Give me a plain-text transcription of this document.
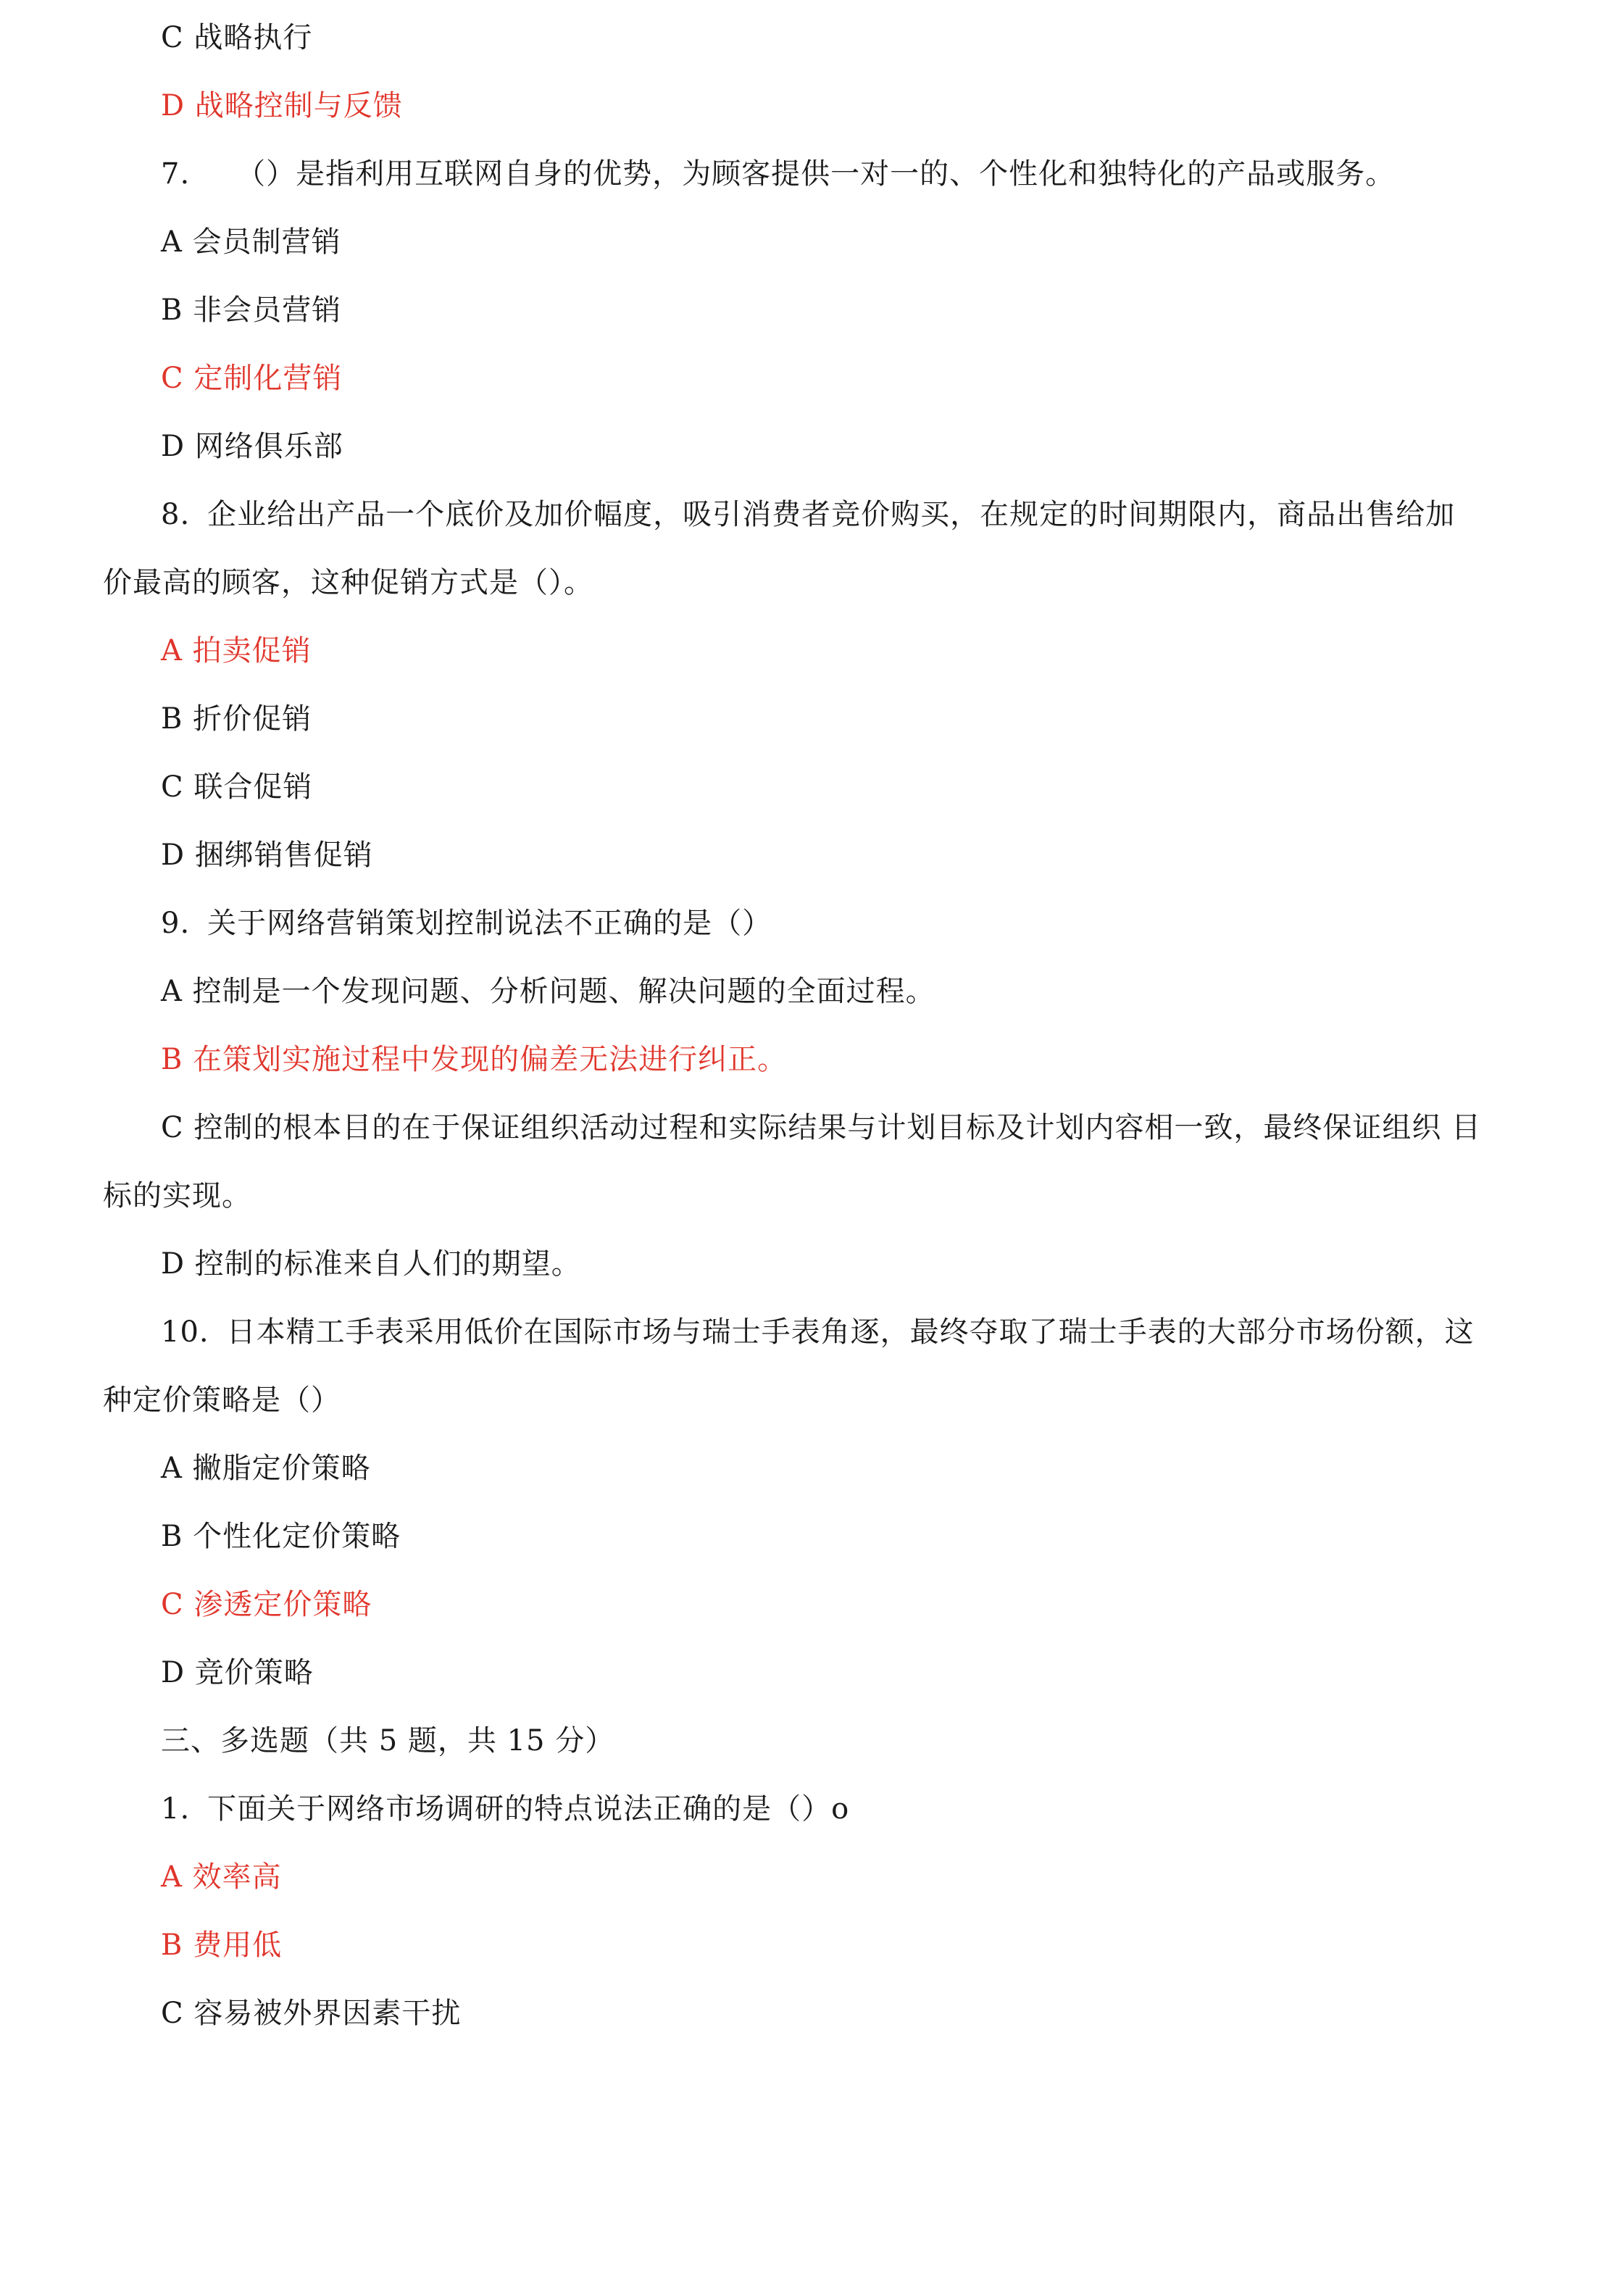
C 战略执行
D 战略控制与反馈
7. （）是指利用互联网自身的优势，为顾客提供一对一的、个性化和独特化的产品或服务。
A 会员制营销
B 非会员营销
C 定制化营销
D 网络俱乐部
8. 企业给出产品一个底价及加价幅度，吸引消费者竞价购买，在规定的时间期限内，商品出售给加
价最高的顾客，这种促销方式是（）。
A 拍卖促销
B 折价促销
C 联合促销
D 捆绑销售促销
9. 关于网络营销策划控制说法不正确的是（）
A 控制是一个发现问题、分析问题、解决问题的全面过程。
B 在策划实施过程中发现的偏差无法进行纠正。
C 控制的根本目的在于保证组织活动过程和实际结果与计划目标及计划内容相一致，最终保证组织 目
标的实现。
D 控制的标准来自人们的期望。
10. 日本精工手表采用低价在国际市场与瑞士手表角逐，最终夺取了瑞士手表的大部分市场份额，这
种定价策略是（）
A 撇脂定价策略
B 个性化定价策略
C 渗透定价策略
D 竞价策略
三、多选题（共 5 题，共 15 分）
1. 下面关于网络市场调研的特点说法正确的是（）o
A 效率高
B 费用低
C 容易被外界因素干扰
